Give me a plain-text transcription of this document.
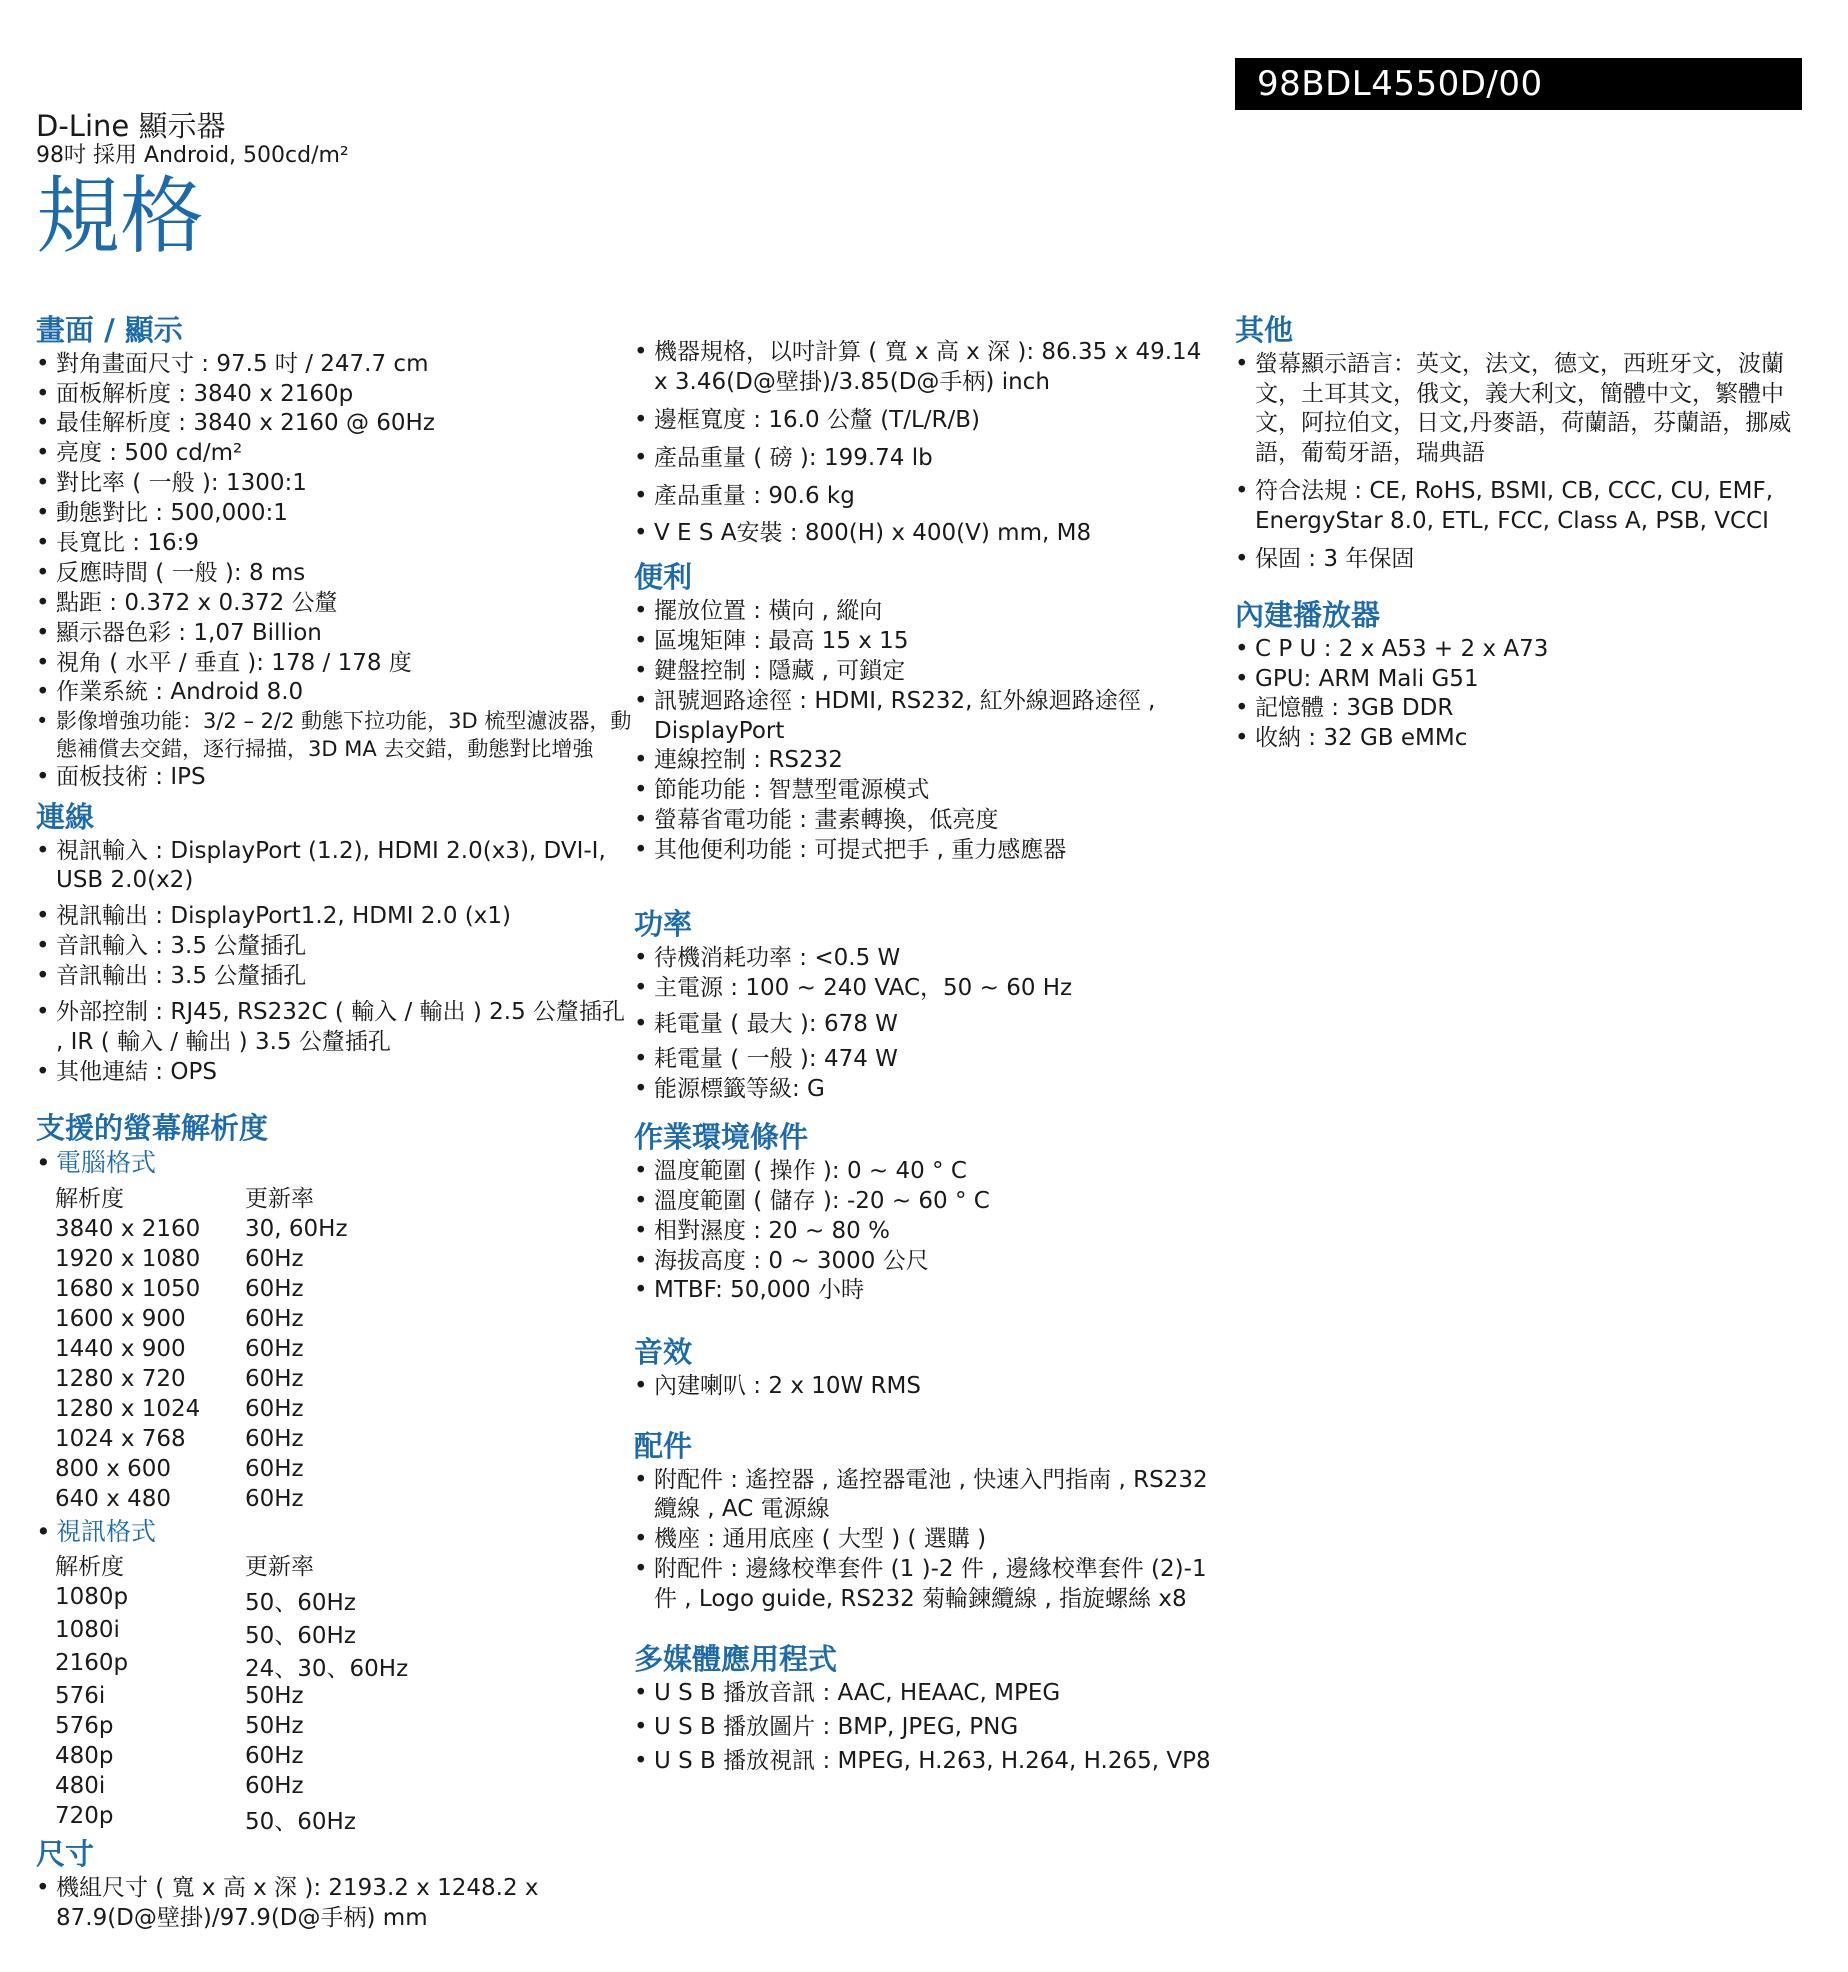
98BDL4550D/00
D-Line 顯示器
98吋 採用 Android, 500cd/m²
規格
畫面 / 顯示
• 對角畫面尺寸 : 97.5 吋 / 247.7 cm
• 面板解析度 : 3840 x 2160p
• 最佳解析度 : 3840 x 2160 @ 60Hz
• 亮度 : 500 cd/m²
• 對比率 ( 一般 ): 1300:1
• 動態對比 : 500,000:1
• 長寬比 : 16:9
• 反應時間 ( 一般 ): 8 ms
• 點距 : 0.372 x 0.372 公釐
• 顯示器色彩 : 1,07 Billion
• 視角 ( 水平 / 垂直 ): 178 / 178 度
• 作業系統 : Android 8.0
• 影像增強功能：3/2 – 2/2 動態下拉功能，3D 梳型濾波器，動態補償去交錯，逐行掃描，3D MA 去交錯，動態對比增強
• 面板技術 : IPS
連線
• 視訊輸入 : DisplayPort (1.2), HDMI 2.0(x3), DVI-I, USB 2.0(x2)
• 視訊輸出 : DisplayPort1.2, HDMI 2.0 (x1)
• 音訊輸入 : 3.5 公釐插孔
• 音訊輸出 : 3.5 公釐插孔
• 外部控制 : RJ45, RS232C ( 輸入 / 輸出 ) 2.5 公釐插孔 , IR ( 輸入 / 輸出 ) 3.5 公釐插孔
• 其他連結 : OPS
支援的螢幕解析度
• 電腦格式
解析度	更新率
3840 x 2160	30, 60Hz
1920 x 1080	60Hz
1680 x 1050	60Hz
1600 x 900	60Hz
1440 x 900	60Hz
1280 x 720	60Hz
1280 x 1024	60Hz
1024 x 768	60Hz
800 x 600	60Hz
640 x 480	60Hz
• 視訊格式
解析度	更新率
1080p	50、60Hz
1080i	50、60Hz
2160p	24、30、60Hz
576i	50Hz
576p	50Hz
480p	60Hz
480i	60Hz
720p	50、60Hz
尺寸
• 機組尺寸 ( 寬 x 高 x 深 ): 2193.2 x 1248.2 x 87.9(D@壁掛)/97.9(D@手柄) mm
• 機器規格，以吋計算 ( 寬 x 高 x 深 ): 86.35 x 49.14 x 3.46(D@壁掛)/3.85(D@手柄) inch
• 邊框寬度 : 16.0 公釐 (T/L/R/B)
• 產品重量 ( 磅 ): 199.74 lb
• 產品重量 : 90.6 kg
• V E S A安裝 : 800(H) x 400(V) mm, M8
便利
• 擺放位置 : 橫向 , 縱向
• 區塊矩陣 : 最高 15 x 15
• 鍵盤控制 : 隱藏 , 可鎖定
• 訊號迴路途徑 : HDMI, RS232, 紅外線迴路途徑 , DisplayPort
• 連線控制 : RS232
• 節能功能 : 智慧型電源模式
• 螢幕省電功能 : 畫素轉換，低亮度
• 其他便利功能 : 可提式把手 , 重力感應器
功率
• 待機消耗功率 : <0.5 W
• 主電源 : 100 ~ 240 VAC，50 ~ 60 Hz
• 耗電量 ( 最大 ): 678 W
• 耗電量 ( 一般 ): 474 W
• 能源標籤等級: G
作業環境條件
• 溫度範圍 ( 操作 ): 0 ~ 40 ° C
• 溫度範圍 ( 儲存 ): -20 ~ 60 ° C
• 相對濕度 : 20 ~ 80 %
• 海拔高度 : 0 ~ 3000 公尺
• MTBF: 50,000 小時
音效
• 內建喇叭 : 2 x 10W RMS
配件
• 附配件 : 遙控器 , 遙控器電池 , 快速入門指南 , RS232 纜線 , AC 電源線
• 機座 : 通用底座 ( 大型 ) ( 選購 )
• 附配件 : 邊緣校準套件 (1 )-2 件 , 邊緣校準套件 (2)-1 件 , Logo guide, RS232 菊輪鍊纜線 , 指旋螺絲 x8
多媒體應用程式
• U S B 播放音訊 : AAC, HEAAC, MPEG
• U S B 播放圖片 : BMP, JPEG, PNG
• U S B 播放視訊 : MPEG, H.263, H.264, H.265, VP8
其他
• 螢幕顯示語言：英文，法文，德文，西班牙文，波蘭文，土耳其文，俄文，義大利文，簡體中文，繁體中文，阿拉伯文，日文,丹麥語，荷蘭語，芬蘭語，挪威語，葡萄牙語，瑞典語
• 符合法規 : CE, RoHS, BSMI, CB, CCC, CU, EMF, EnergyStar 8.0, ETL, FCC, Class A, PSB, VCCI
• 保固 : 3 年保固
內建播放器
• C P U : 2 x A53 + 2 x A73
• GPU: ARM Mali G51
• 記憶體 : 3GB DDR
• 收納 : 32 GB eMMc
